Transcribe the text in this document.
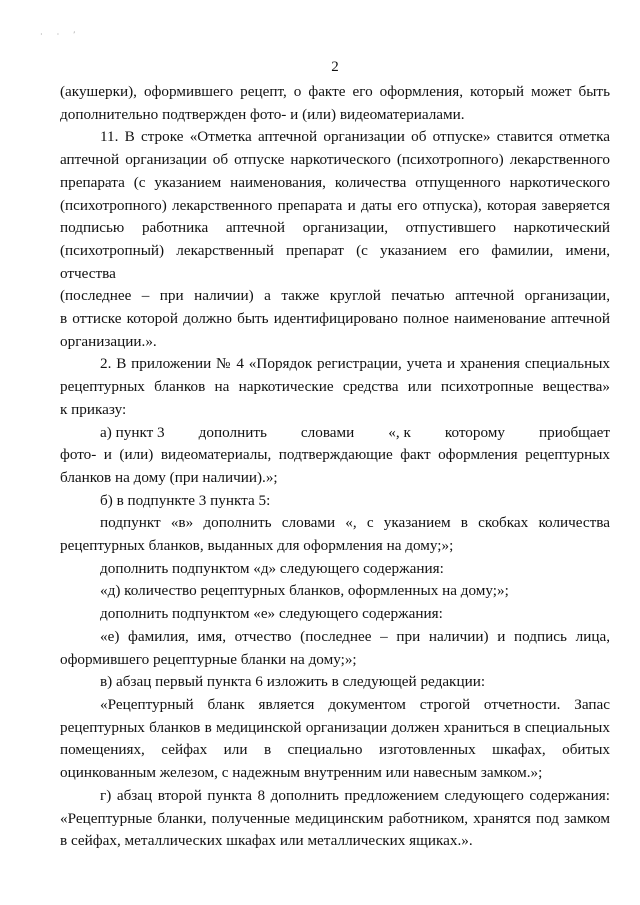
· · ′
2
(акушерки), оформившего рецепт, о факте его оформления, который может быть
дополнительно подтвержден фото- и (или) видеоматериалами.
11. В строке «Отметка аптечной организации об отпуске» ставится отметка
аптечной организации об отпуске наркотического (психотропного) лекарственного
препарата (с указанием наименования, количества отпущенного наркотического
(психотропного) лекарственного препарата и даты его отпуска), которая заверяется
подписью работника аптечной организации, отпустившего наркотический
(психотропный) лекарственный препарат (с указанием его фамилии, имени, отчества
(последнее – при наличии) а также круглой печатью аптечной организации,
в оттиске которой должно быть идентифицировано полное наименование аптечной
организации.».
2. В приложении № 4 «Порядок регистрации, учета и хранения специальных
рецептурных бланков на наркотические средства или психотропные вещества»
к приказу:
а) пункт 3 дополнить словами «, к которому приобщает
фото- и (или) видеоматериалы, подтверждающие факт оформления рецептурных
бланков на дому (при наличии).»;
б) в подпункте 3 пункта 5:
подпункт «в» дополнить словами «, с указанием в скобках количества
рецептурных бланков, выданных для оформления на дому;»;
дополнить подпунктом «д» следующего содержания:
«д) количество рецептурных бланков, оформленных на дому;»;
дополнить подпунктом «е» следующего содержания:
«е) фамилия, имя, отчество (последнее – при наличии) и подпись лица,
оформившего рецептурные бланки на дому;»;
в) абзац первый пункта 6 изложить в следующей редакции:
«Рецептурный бланк является документом строгой отчетности. Запас
рецептурных бланков в медицинской организации должен храниться в специальных
помещениях, сейфах или в специально изготовленных шкафах, обитых
оцинкованным железом, с надежным внутренним или навесным замком.»;
г) абзац второй пункта 8 дополнить предложением следующего содержания:
«Рецептурные бланки, полученные медицинским работником, хранятся под замком
в сейфах, металлических шкафах или металлических ящиках.».
